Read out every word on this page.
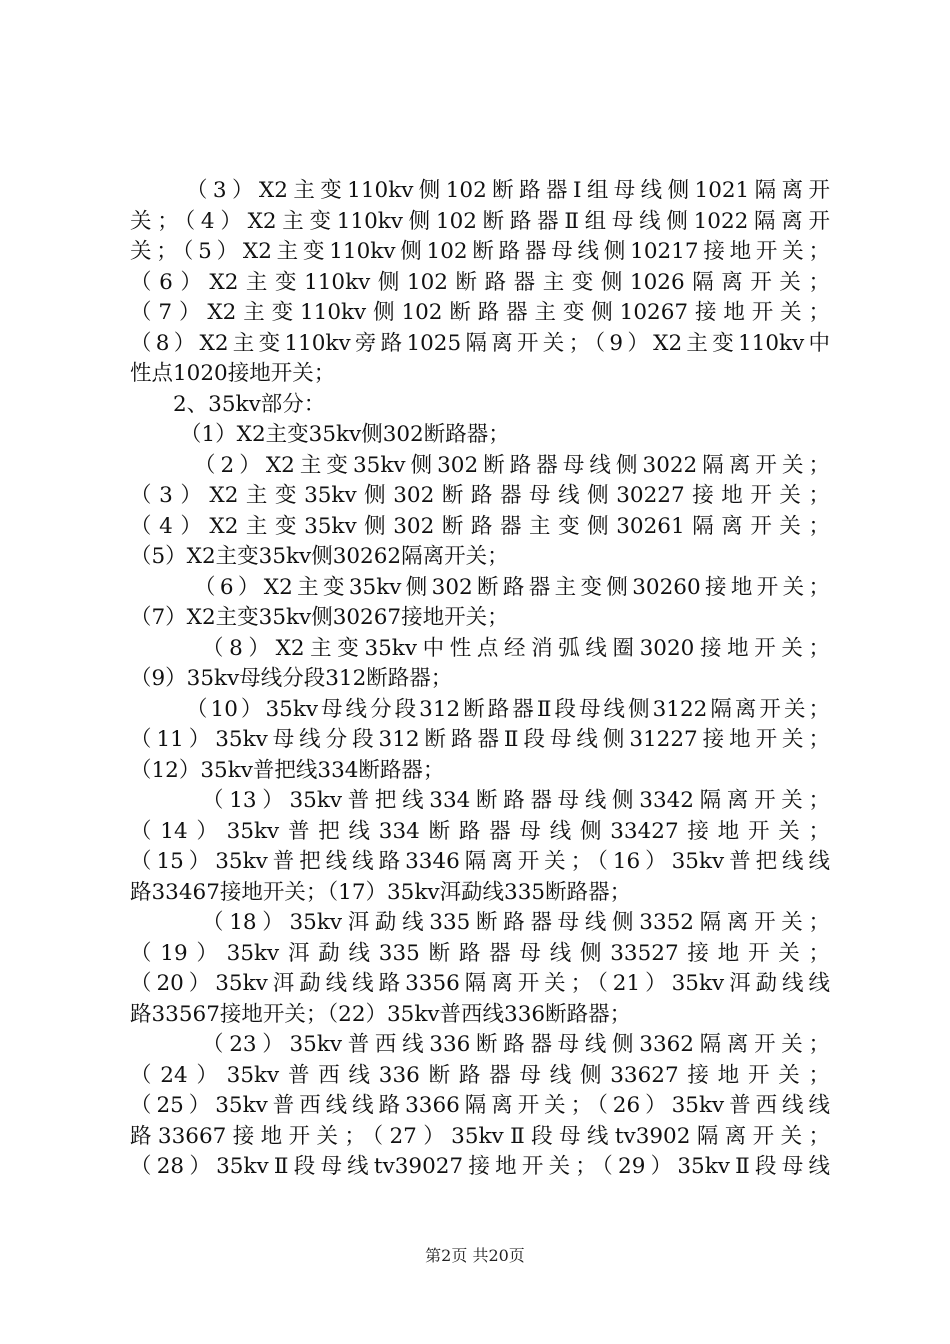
（3）X2主变110kv侧102断路器Ⅰ组母线侧1021隔离开
关；（4）X2主变110kv侧102断路器Ⅱ组母线侧1022隔离开
关；（5）X2主变110kv侧102断路器母线侧10217接地开关；
（6）X2主变110kv侧102断路器主变侧1026隔离开关；
（7）X2主变110kv侧102断路器主变侧10267接地开关；
（8）X2主变110kv旁路1025隔离开关；（9）X2主变110kv中
性点1020接地开关；
2、35kv部分：
（1）X2主变35kv侧302断路器；
（2）X2主变35kv侧302断路器母线侧3022隔离开关；
（3）X2主变35kv侧302断路器母线侧30227接地开关；
（4）X2主变35kv侧302断路器主变侧30261隔离开关；
（5）X2主变35kv侧30262隔离开关；
（6）X2主变35kv侧302断路器主变侧30260接地开关；
（7）X2主变35kv侧30267接地开关；
（8）X2主变35kv中性点经消弧线圈3020接地开关；
（9）35kv母线分段312断路器；
（10）35kv母线分段312断路器Ⅱ段母线侧3122隔离开关；
（11）35kv母线分段312断路器Ⅱ段母线侧31227接地开关；
（12）35kv普把线334断路器；
（13）35kv普把线334断路器母线侧3342隔离开关；
（14）35kv普把线334断路器母线侧33427接地开关；
（15）35kv普把线线路3346隔离开关；（16）35kv普把线线
路33467接地开关；（17）35kv洱勐线335断路器；
（18）35kv洱勐线335断路器母线侧3352隔离开关；
（19）35kv洱勐线335断路器母线侧33527接地开关；
（20）35kv洱勐线线路3356隔离开关；（21）35kv洱勐线线
路33567接地开关；（22）35kv普西线336断路器；
（23）35kv普西线336断路器母线侧3362隔离开关；
（24）35kv普西线336断路器母线侧33627接地开关；
（25）35kv普西线线路3366隔离开关；（26）35kv普西线线
路33667接地开关；（27）35kvⅡ段母线tv3902隔离开关；
（28）35kvⅡ段母线tv39027接地开关；（29）35kvⅡ段母线
第2页 共20页
